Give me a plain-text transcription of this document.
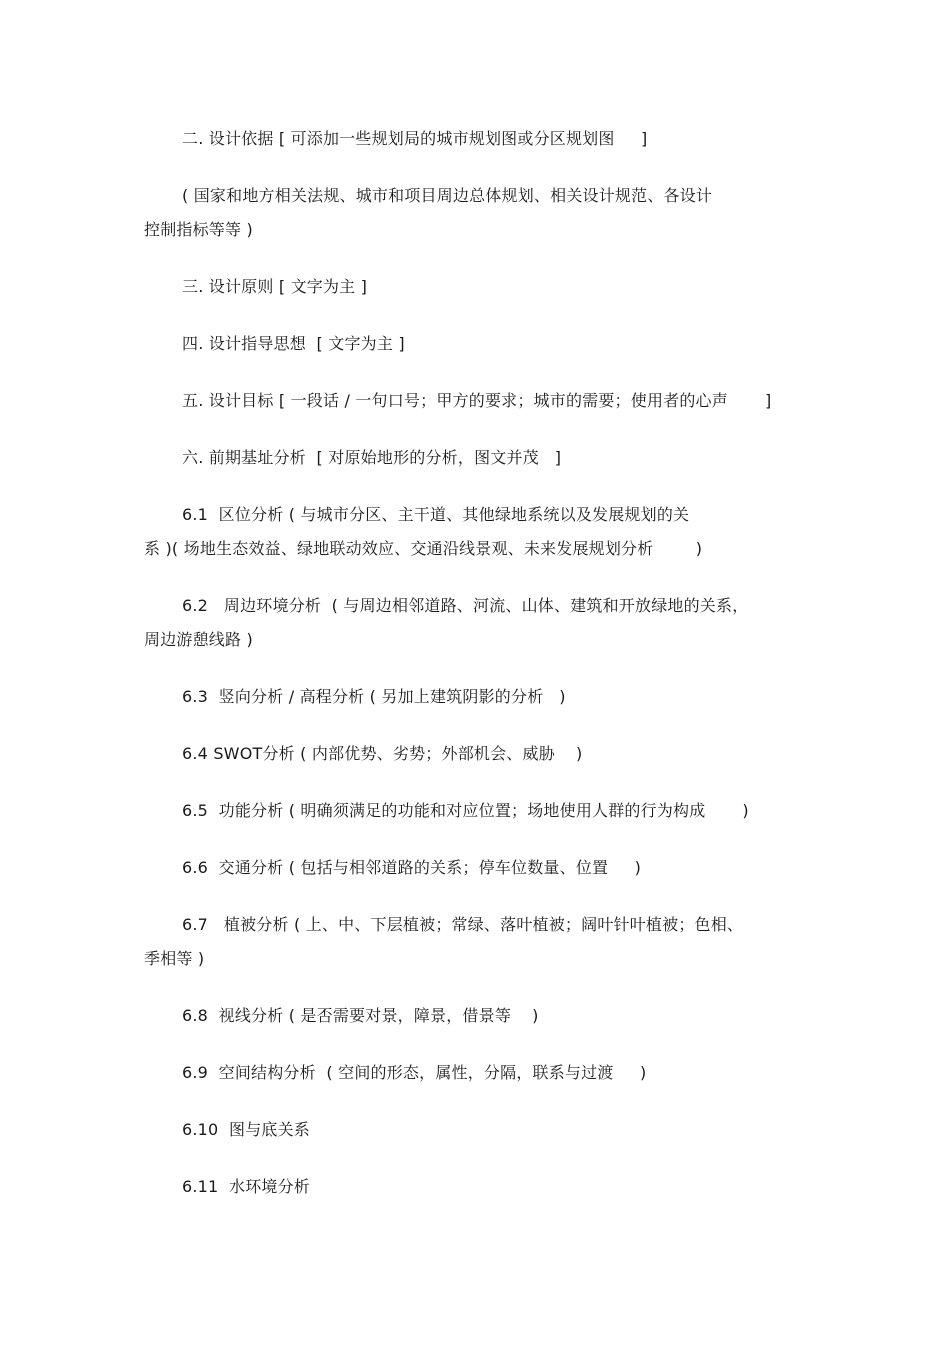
二. 设计依据 [ 可添加一些规划局的城市规划图或分区规划图     ]
( 国家和地方相关法规、城市和项目周边总体规划、相关设计规范、各设计
控制指标等等 )
三. 设计原则 [ 文字为主 ]
四. 设计指导思想  [ 文字为主 ]
五. 设计目标 [ 一段话 / 一句口号；甲方的要求；城市的需要；使用者的心声       ]
六. 前期基址分析  [ 对原始地形的分析，图文并茂   ]
6.1  区位分析 ( 与城市分区、主干道、其他绿地系统以及发展规划的关
系 )( 场地生态效益、绿地联动效应、交通沿线景观、未来发展规划分析        )
6.2   周边环境分析  ( 与周边相邻道路、河流、山体、建筑和开放绿地的关系，
周边游憩线路 )
6.3  竖向分析 / 高程分析 ( 另加上建筑阴影的分析   )
6.4 SWOT分析 ( 内部优势、劣势；外部机会、威胁    )
6.5  功能分析 ( 明确须满足的功能和对应位置；场地使用人群的行为构成       )
6.6  交通分析 ( 包括与相邻道路的关系；停车位数量、位置     )
6.7   植被分析 ( 上、中、下层植被；常绿、落叶植被；阔叶针叶植被；色相、
季相等 )
6.8  视线分析 ( 是否需要对景，障景，借景等    )
6.9  空间结构分析  ( 空间的形态，属性，分隔，联系与过渡     )
6.10  图与底关系
6.11  水环境分析
